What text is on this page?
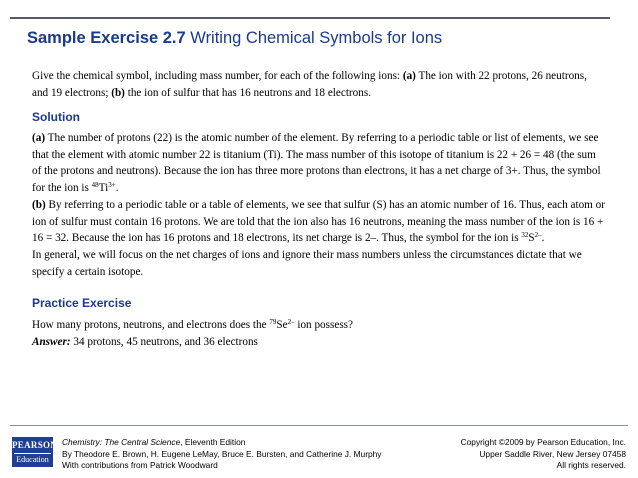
Sample Exercise 2.7 Writing Chemical Symbols for Ions
Give the chemical symbol, including mass number, for each of the following ions: (a) The ion with 22 protons, 26 neutrons, and 19 electrons; (b) the ion of sulfur that has 16 neutrons and 18 electrons.
Solution

(a) The number of protons (22) is the atomic number of the element. By referring to a periodic table or list of elements, we see that the element with atomic number 22 is titanium (Ti). The mass number of this isotope of titanium is 22 + 26 = 48 (the sum of the protons and neutrons). Because the ion has three more protons than electrons, it has a net charge of 3+. Thus, the symbol for the ion is $^{48}Ti^{3+}$.

(b) By referring to a periodic table or a table of elements, we see that sulfur (S) has an atomic number of 16. Thus, each atom or ion of sulfur must contain 16 protons. We are told that the ion also has 16 neutrons, meaning the mass number of the ion is 16 + 16 = 32. Because the ion has 16 protons and 18 electrons, its net charge is 2–. Thus, the symbol for the ion is $^{32}S^{2-}$.

In general, we will focus on the net charges of ions and ignore their mass numbers unless the circumstances dictate that we specify a certain isotope.

Practice Exercise

How many protons, neutrons, and electrons does the $^{79}Se^{2-}$ ion possess?

Answer: 34 protons, 45 neutrons, and 36 electrons

PEARSON
Education
Chemistry: The Central Science, Eleventh Edition
By Theodore E. Brown, H. Eugene LeMay, Bruce E. Bursten, and Catherine J. Murphy
With contributions from Patrick Woodward
Copyright ©2009 by Pearson Education, Inc.
Upper Saddle River, New Jersey 07458
All rights reserved.
